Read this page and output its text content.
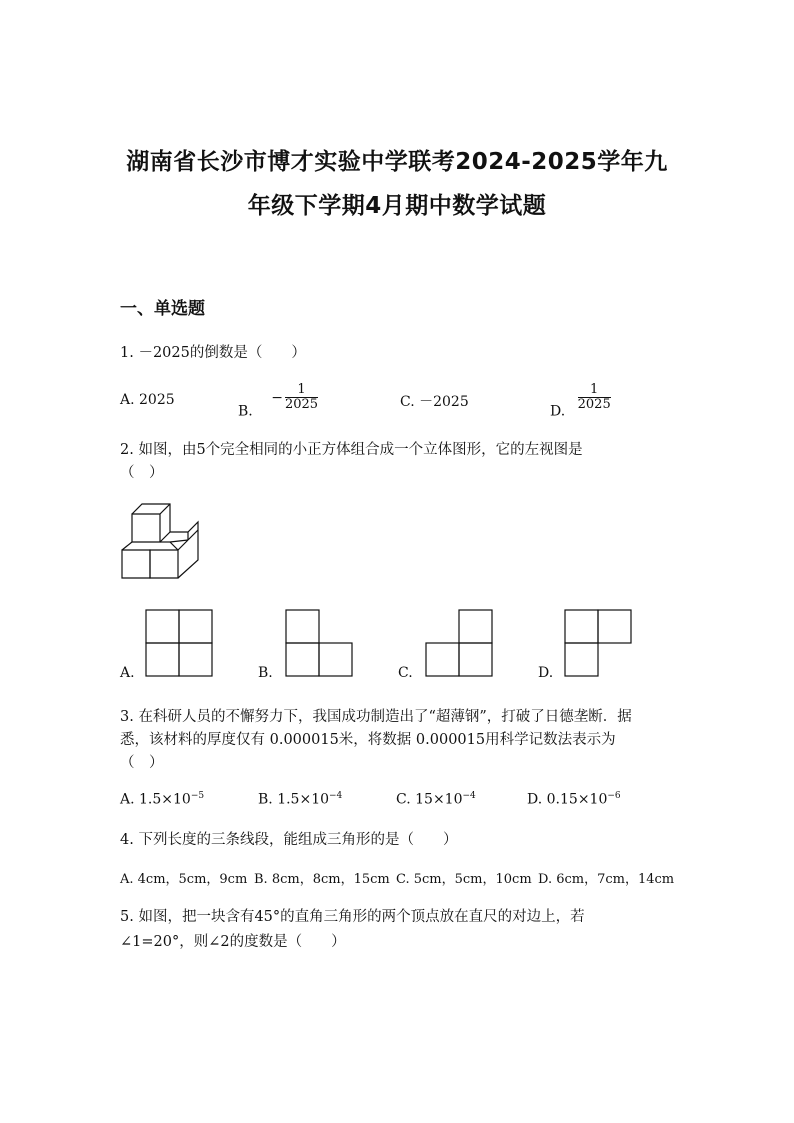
湖南省长沙市博才实验中学联考2024-2025学年九
年级下学期4月期中数学试题
一、单选题
1. －2025的倒数是（　　）
A. 2025
B. − $\frac{1}{2025}$	C. －2025
D. $\frac{1}{2025}$
2. 如图，由5个完全相同的小正方体组合成一个立体图形，它的左视图是
（　）
A.	B.	C.	D.
3. 在科研人员的不懈努力下，我国成功制造出了“超薄钢”，打破了日德垄断．据
悉，该材料的厚度仅有 0.000015米，将数据 0.000015用科学记数法表示为
（　）
A. $1.5\times 10^{-5}$	B. $1.5\times 10^{-4}$	C. $15\times 10^{-4}$	D. $0.15\times 10^{-6}$
4. 下列长度的三条线段，能组成三角形的是（　　）
A. 4cm，5cm，9cm B. 8cm，8cm，15cm C. 5cm，5cm，10cm D. 6cm，7cm，14cm
5. 如图，把一块含有45°的直角三角形的两个顶点放在直尺的对边上，若
∠1=20°，则∠2的度数是（　　）
